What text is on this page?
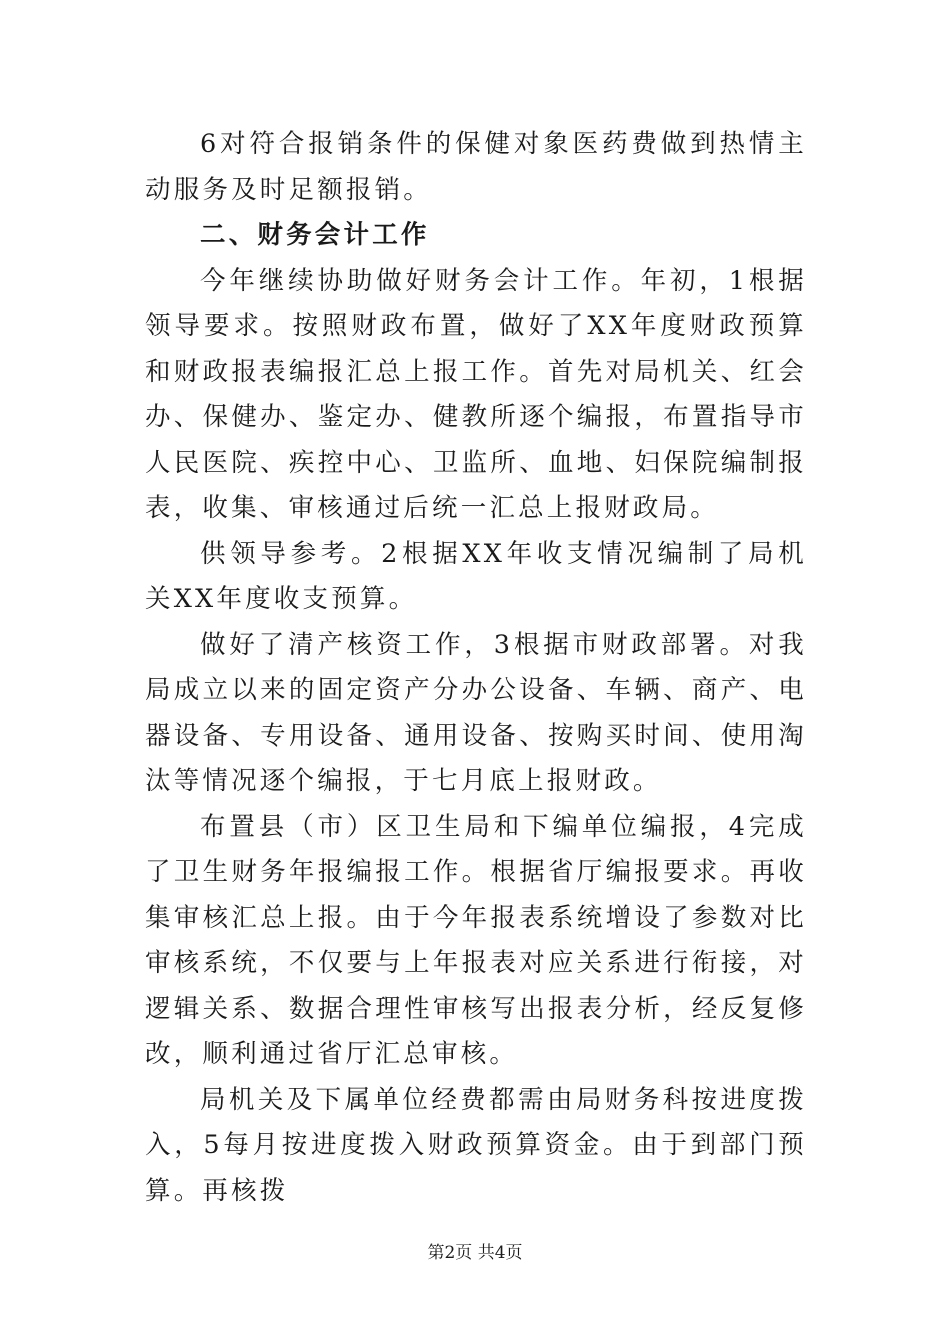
6对符合报销条件的保健对象医药费做到热情主动服务及时足额报销。

二、财务会计工作

今年继续协助做好财务会计工作。年初，1根据领导要求。按照财政布置，做好了XX年度财政预算和财政报表编报汇总上报工作。首先对局机关、红会办、保健办、鉴定办、健教所逐个编报，布置指导市人民医院、疾控中心、卫监所、血地、妇保院编制报表，收集、审核通过后统一汇总上报财政局。

供领导参考。2根据XX年收支情况编制了局机关XX年度收支预算。

做好了清产核资工作，3根据市财政部署。对我局成立以来的固定资产分办公设备、车辆、商产、电器设备、专用设备、通用设备、按购买时间、使用淘汰等情况逐个编报，于七月底上报财政。

布置县（市）区卫生局和下编单位编报，4完成了卫生财务年报编报工作。根据省厅编报要求。再收集审核汇总上报。由于今年报表系统增设了参数对比审核系统，不仅要与上年报表对应关系进行衔接，对逻辑关系、数据合理性审核写出报表分析，经反复修改，顺利通过省厅汇总审核。

局机关及下属单位经费都需由局财务科按进度拨入，5每月按进度拨入财政预算资金。由于到部门预算。再核拨

第2页 共4页
